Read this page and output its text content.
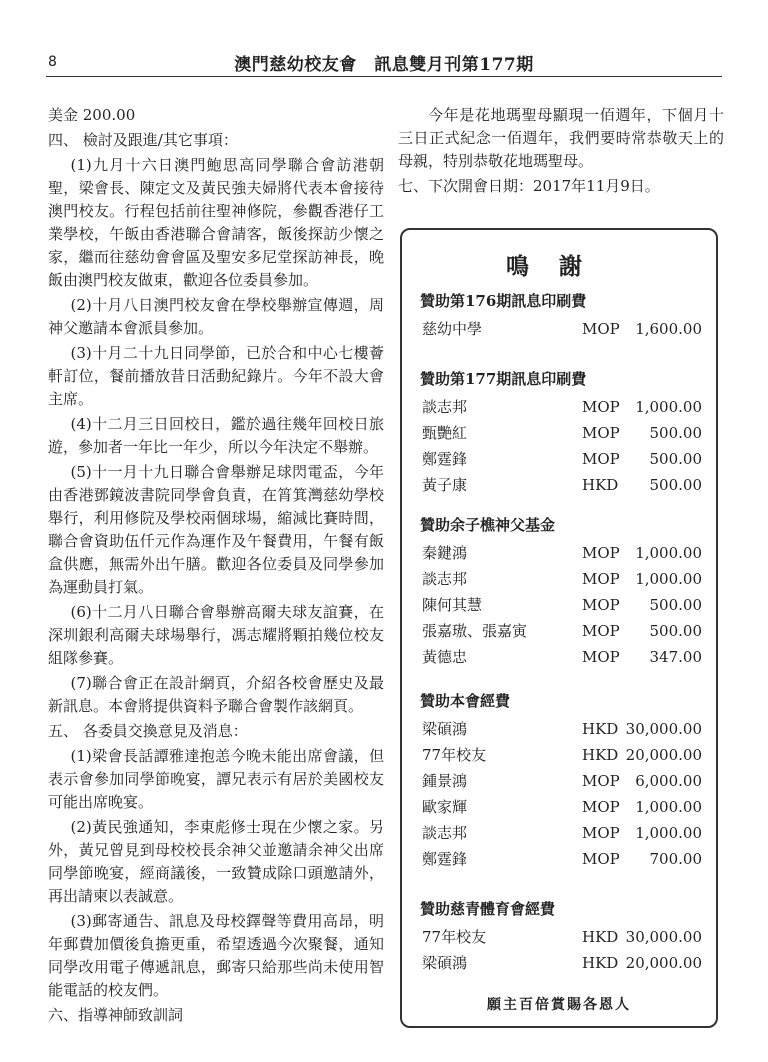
8	澳門慈幼校友會　訊息雙月刊第177期

美金 200.00

四、 檢討及跟進/其它事項：

(1)九月十六日澳門鮑思高同學聯合會訪港朝聖，梁會長、陳定文及黃民強夫婦將代表本會接待澳門校友。行程包括前往聖神修院，參觀香港仔工業學校，午飯由香港聯合會請客，飯後探訪少懷之家，繼而往慈幼會會區及聖安多尼堂探訪神長，晚飯由澳門校友做東，歡迎各位委員參加。

(2)十月八日澳門校友會在學校舉辦宣傳週，周神父邀請本會派員參加。

(3)十月二十九日同學節，已於合和中心七樓薈軒訂位，餐前播放昔日活動紀錄片。今年不設大會主席。

(4)十二月三日回校日，鑑於過往幾年回校日旅遊，參加者一年比一年少，所以今年決定不舉辦。

(5)十一月十九日聯合會舉辦足球閃電盃，今年由香港鄧鏡波書院同學會負責，在筲箕灣慈幼學校舉行，利用修院及學校兩個球場，縮減比賽時間，聯合會資助伍仟元作為運作及午餐費用，午餐有飯盒供應，無需外出午膳。歡迎各位委員及同學參加為運動員打氣。

(6)十二月八日聯合會舉辦高爾夫球友誼賽，在深圳銀利高爾夫球場舉行，馮志耀將顆拍幾位校友組隊參賽。

(7)聯合會正在設計網頁，介紹各校會歷史及最新訊息。本會將提供資料予聯合會製作該網頁。

五、 各委員交換意見及消息：

(1)梁會長話譚雅達抱恙今晚未能出席會議，但表示會參加同學節晚宴，譚兄表示有居於美國校友可能出席晚宴。

(2)黃民強通知，李東彪修士現在少懷之家。另外，黃兄曾見到母校校長余神父並邀請余神父出席同學節晚宴，經商議後，一致贊成除口頭邀請外，再出請柬以表誠意。

(3)郵寄通告、訊息及母校鐸聲等費用高昂，明年郵費加價後負擔更重，希望透過今次聚餐，通知同學改用電子傳遞訊息，郵寄只給那些尚未使用智能電話的校友們。

六、指導神師致訓詞

今年是花地瑪聖母顯現一佰週年，下個月十三日正式紀念一佰週年，我們要時常恭敬天上的母親，特別恭敬花地瑪聖母。

七、下次開會日期：2017年11月9日。

鳴謝
願主百倍賞賜各恩人
贊助第176期訊息印刷費
慈幼中學	MOP 1,600.00
贊助第177期訊息印刷費
談志邦	MOP 1,000.00
甄艷紅	MOP 500.00
鄭霆鋒	MOP 500.00
黃子康	HKD 500.00
贊助余子樵神父基金
秦鍵鴻	MOP 1,000.00
談志邦	MOP 1,000.00
陳何其慧	MOP 500.00
張嘉璈、張嘉寅	MOP 500.00
黃德忠	MOP 347.00
贊助本會經費
梁碩鴻	HKD 30,000.00
77年校友	HKD 20,000.00
鍾景鴻	MOP 6,000.00
歐家輝	MOP 1,000.00
談志邦	MOP 1,000.00
鄭霆鋒	MOP 700.00
贊助慈青體育會經費
77年校友	HKD 30,000.00
梁碩鴻	HKD 20,000.00
